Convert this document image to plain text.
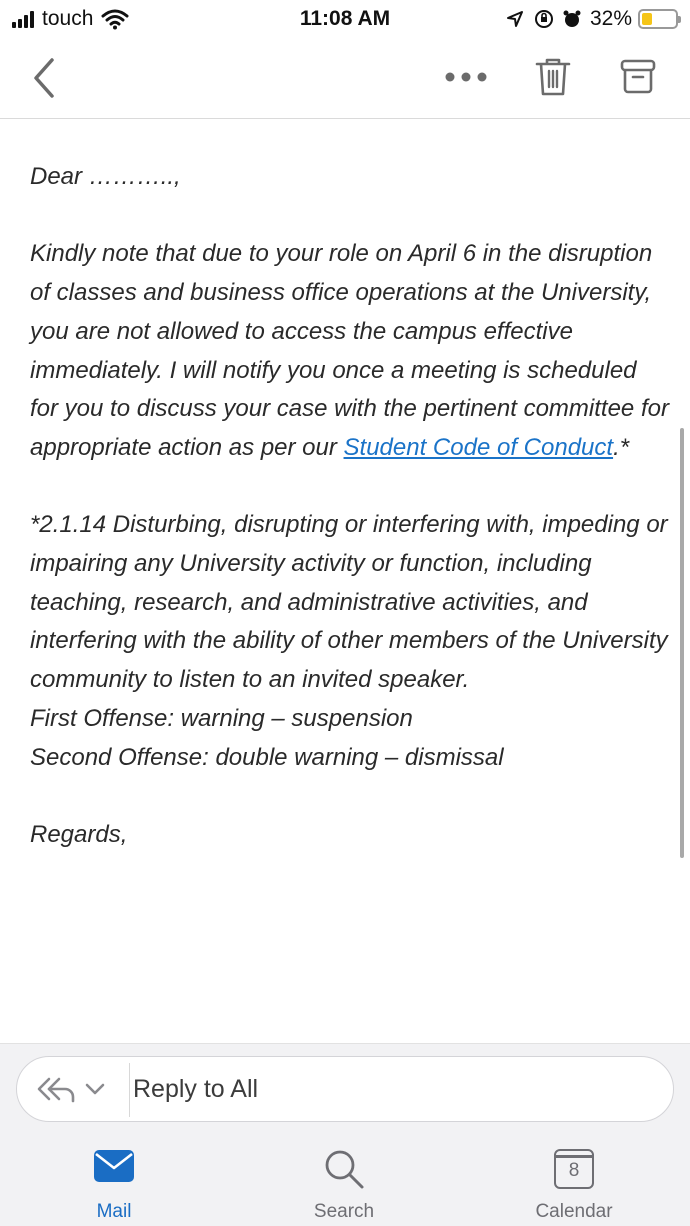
touch	11:08 AM	32%

Dear ………..,

Kindly note that due to your role on April 6 in the disruption of classes and business office operations at the University, you are not allowed to access the campus effective immediately. I will notify you once a meeting is scheduled for you to discuss your case with the pertinent committee for appropriate action as per our Student Code of Conduct.*

*2.1.14 Disturbing, disrupting or interfering with, impeding or impairing any University activity or function, including teaching, research, and administrative activities, and interfering with the ability of other members of the University community to listen to an invited speaker.

First Offense: warning – suspension

Second Offense: double warning – dismissal

Regards,

Reply to All
Mail	Search
8
Calendar
